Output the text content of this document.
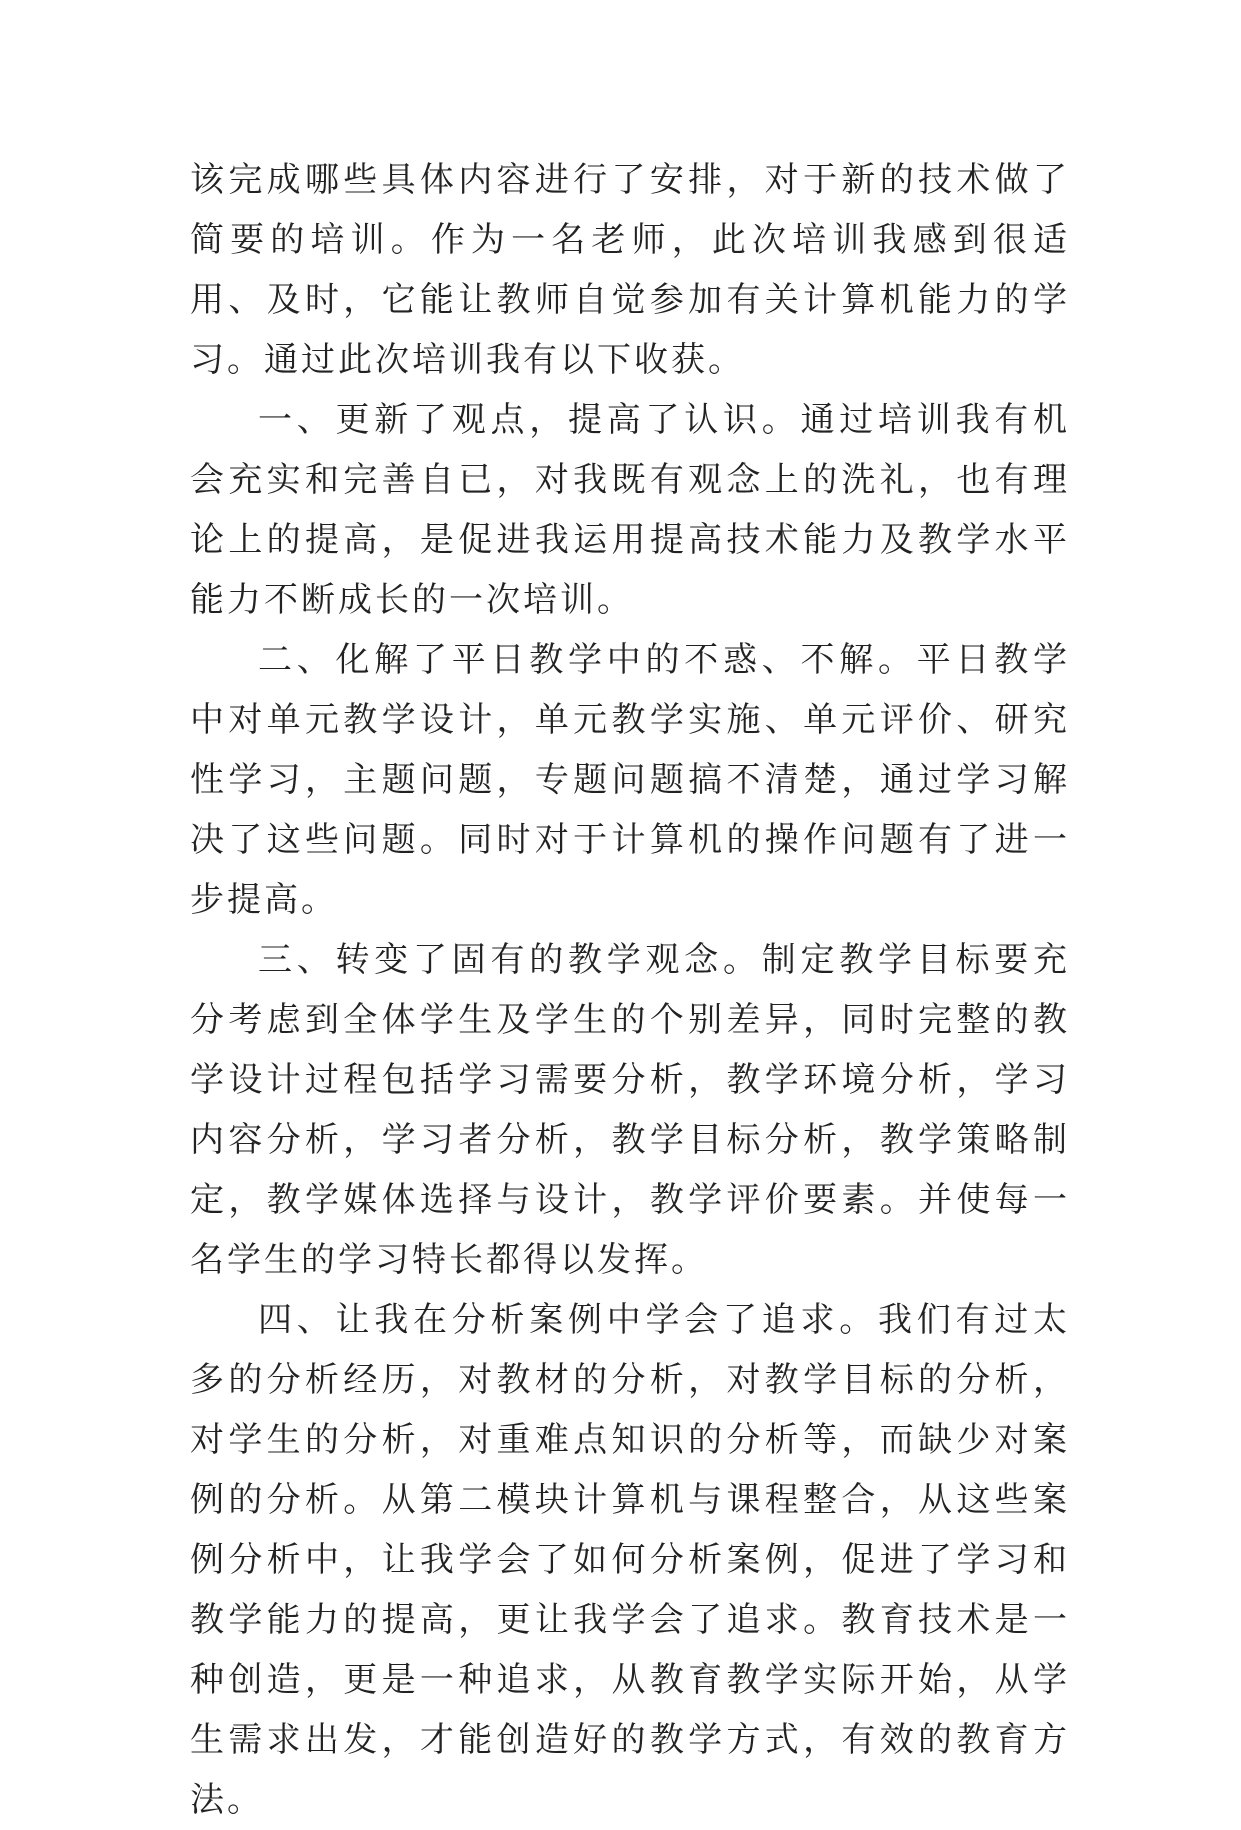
该完成哪些具体内容进行了安排，对于新的技术做了简要的培训。作为一名老师，此次培训我感到很适用、及时，它能让教师自觉参加有关计算机能力的学习。通过此次培训我有以下收获。

一、更新了观点，提高了认识。通过培训我有机会充实和完善自已，对我既有观念上的洗礼，也有理论上的提高，是促进我运用提高技术能力及教学水平能力不断成长的一次培训。

二、化解了平日教学中的不惑、不解。平日教学中对单元教学设计，单元教学实施、单元评价、研究性学习，主题问题，专题问题搞不清楚，通过学习解决了这些问题。同时对于计算机的操作问题有了进一步提高。

三、转变了固有的教学观念。制定教学目标要充分考虑到全体学生及学生的个别差异，同时完整的教学设计过程包括学习需要分析，教学环境分析，学习内容分析，学习者分析，教学目标分析，教学策略制定，教学媒体选择与设计，教学评价要素。并使每一名学生的学习特长都得以发挥。

四、让我在分析案例中学会了追求。我们有过太多的分析经历，对教材的分析，对教学目标的分析，对学生的分析，对重难点知识的分析等，而缺少对案例的分析。从第二模块计算机与课程整合，从这些案例分析中，让我学会了如何分析案例，促进了学习和教学能力的提高，更让我学会了追求。教育技术是一种创造，更是一种追求，从教育教学实际开始，从学生需求出发，才能创造好的教学方式，有效的教育方法。
